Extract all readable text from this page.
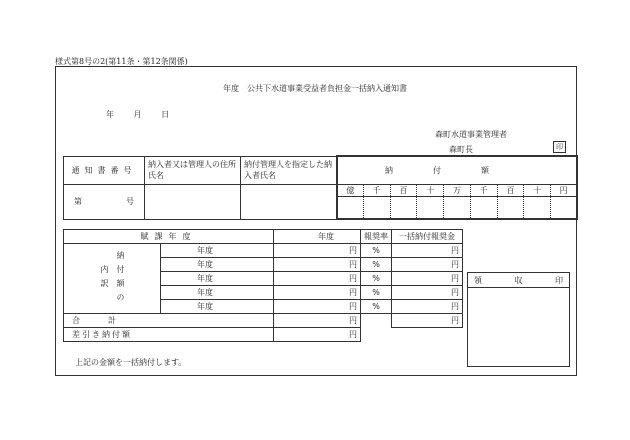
様式第8号の2(第11条・第12条関係)
年度　公共下水道事業受益者負担金一括納入通知書
年 月 日
森町水道事業管理者
森町長	印
通知書番号	納入者又は管理人の住所氏名	納付管理人を指定した納入者氏名	納付額
第	号

億	千	百	十	万	千	百	十	円

賦課年度		年度	報奨率	一括納付報奨金
納付額の内訳	年度	円	%	円
	年度	円	%	円
	年度	円	%	円
	年度	円	%	円
	年度	円	%	円
合計		円		円
差引き納付額		円		
領	収	印
上記の金額を一括納付します。
